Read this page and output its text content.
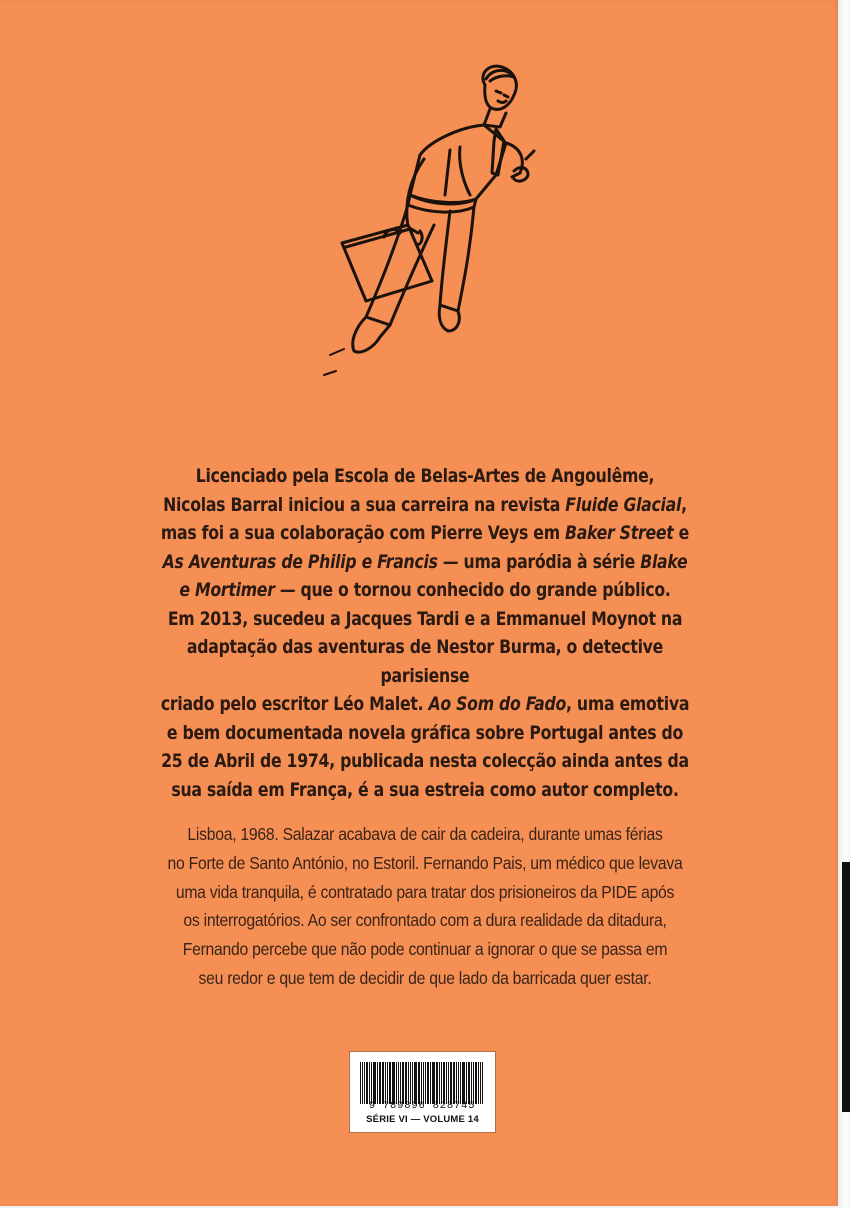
Licenciado pela Escola de Belas-Artes de Angoulême,
Nicolas Barral iniciou a sua carreira na revista Fluide Glacial,
mas foi a sua colaboração com Pierre Veys em Baker Street e
As Aventuras de Philip e Francis — uma paródia à série Blake
e Mortimer — que o tornou conhecido do grande público.
Em 2013, sucedeu a Jacques Tardi e a Emmanuel Moynot na
adaptação das aventuras de Nestor Burma, o detective parisiense
criado pelo escritor Léo Malet. Ao Som do Fado, uma emotiva
e bem documentada novela gráfica sobre Portugal antes do
25 de Abril de 1974, publicada nesta colecção ainda antes da
sua saída em França, é a sua estreia como autor completo.
Lisboa, 1968. Salazar acabava de cair da cadeira, durante umas férias
no Forte de Santo António, no Estoril. Fernando Pais, um médico que levava
uma vida tranquila, é contratado para tratar dos prisioneiros da PIDE após
os interrogatórios. Ao ser confrontado com a dura realidade da ditadura,
Fernando percebe que não pode continuar a ignorar o que se passa em
seu redor e que tem de decidir de que lado da barricada quer estar.
9 789896 828745
SÉRIE VI — VOLUME 14
